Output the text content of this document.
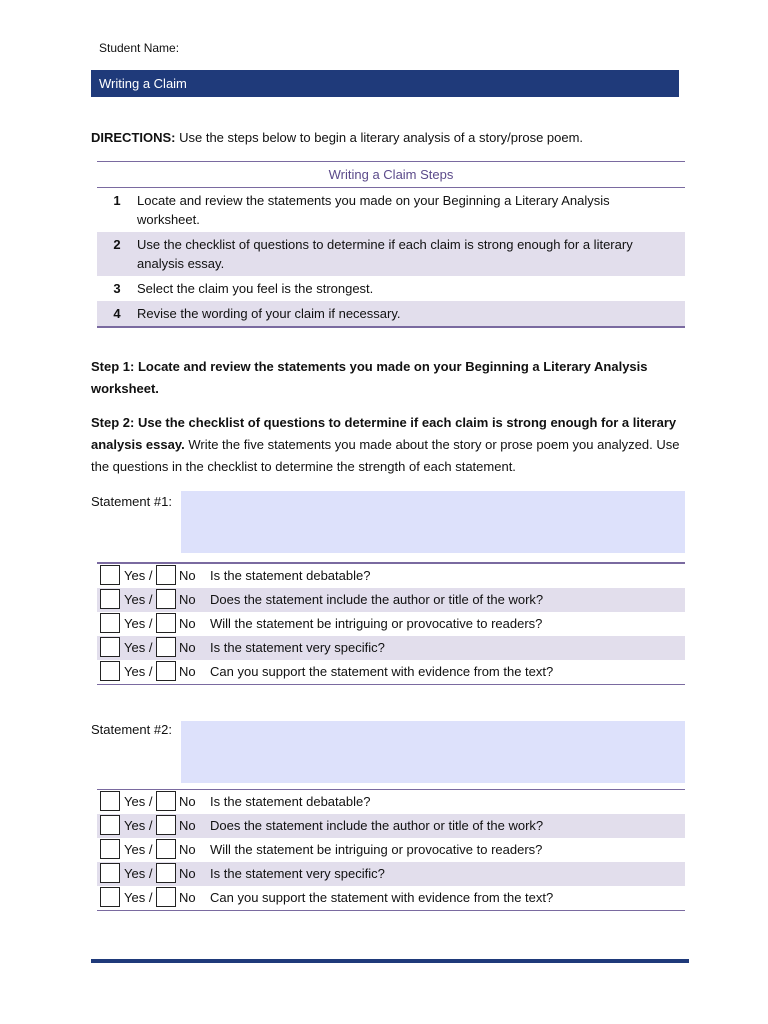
Student Name:
Writing a Claim
DIRECTIONS: Use the steps below to begin a literary analysis of a story/prose poem.
Writing a Claim Steps
1	Locate and review the statements you made on your Beginning a Literary Analysis worksheet.
2	Use the checklist of questions to determine if each claim is strong enough for a literary analysis essay.
3	Select the claim you feel is the strongest.
4	Revise the wording of your claim if necessary.
Step 1: Locate and review the statements you made on your Beginning a Literary Analysis worksheet.
Step 2: Use the checklist of questions to determine if each claim is strong enough for a literary analysis essay. Write the five statements you made about the story or prose poem you analyzed. Use the questions in the checklist to determine the strength of each statement.
Statement #1:
Yes / No Is the statement debatable?
Yes / No Does the statement include the author or title of the work?
Yes / No Will the statement be intriguing or provocative to readers?
Yes / No Is the statement very specific?
Yes / No Can you support the statement with evidence from the text?
Statement #2:
Yes / No Is the statement debatable?
Yes / No Does the statement include the author or title of the work?
Yes / No Will the statement be intriguing or provocative to readers?
Yes / No Is the statement very specific?
Yes / No Can you support the statement with evidence from the text?
